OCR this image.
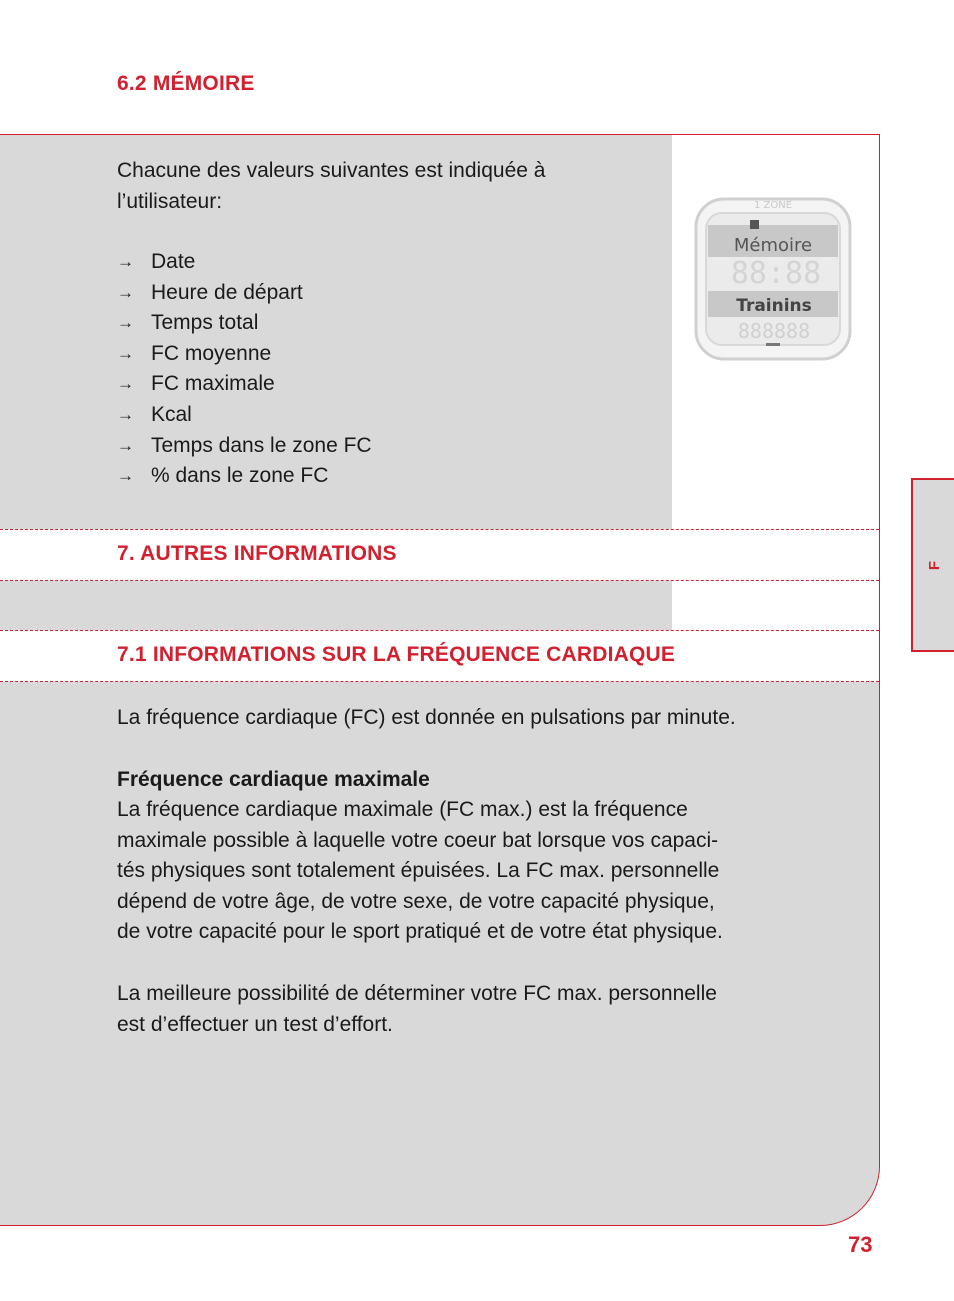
6.2 MÉMOIRE
1 ZONE
Mémoire
88:88
Trainins
888888

Chacune des valeurs suivantes est indiquée à

l’utilisateur:

→ Date
→ Heure de départ
→ Temps total
→ FC moyenne
→ FC maximale
→ Kcal
→ Temps dans le zone FC
→ % dans le zone FC
7. AUTRES INFORMATIONS
7.1 INFORMATIONS SUR LA FRÉQUENCE CARDIAQUE

La fréquence cardiaque (FC) est donnée en pulsations par minute.

Fréquence cardiaque maximale

La fréquence cardiaque maximale (FC max.) est la fréquence
maximale possible à laquelle votre coeur bat lorsque vos capaci-
tés physiques sont totalement épuisées. La FC max. personnelle
dépend de votre âge, de votre sexe, de votre capacité physique,
de votre capacité pour le sport pratiqué et de votre état physique.
La meilleure possibilité de déterminer votre FC max. personnelle
est d’effectuer un test d’effort.
F
73
